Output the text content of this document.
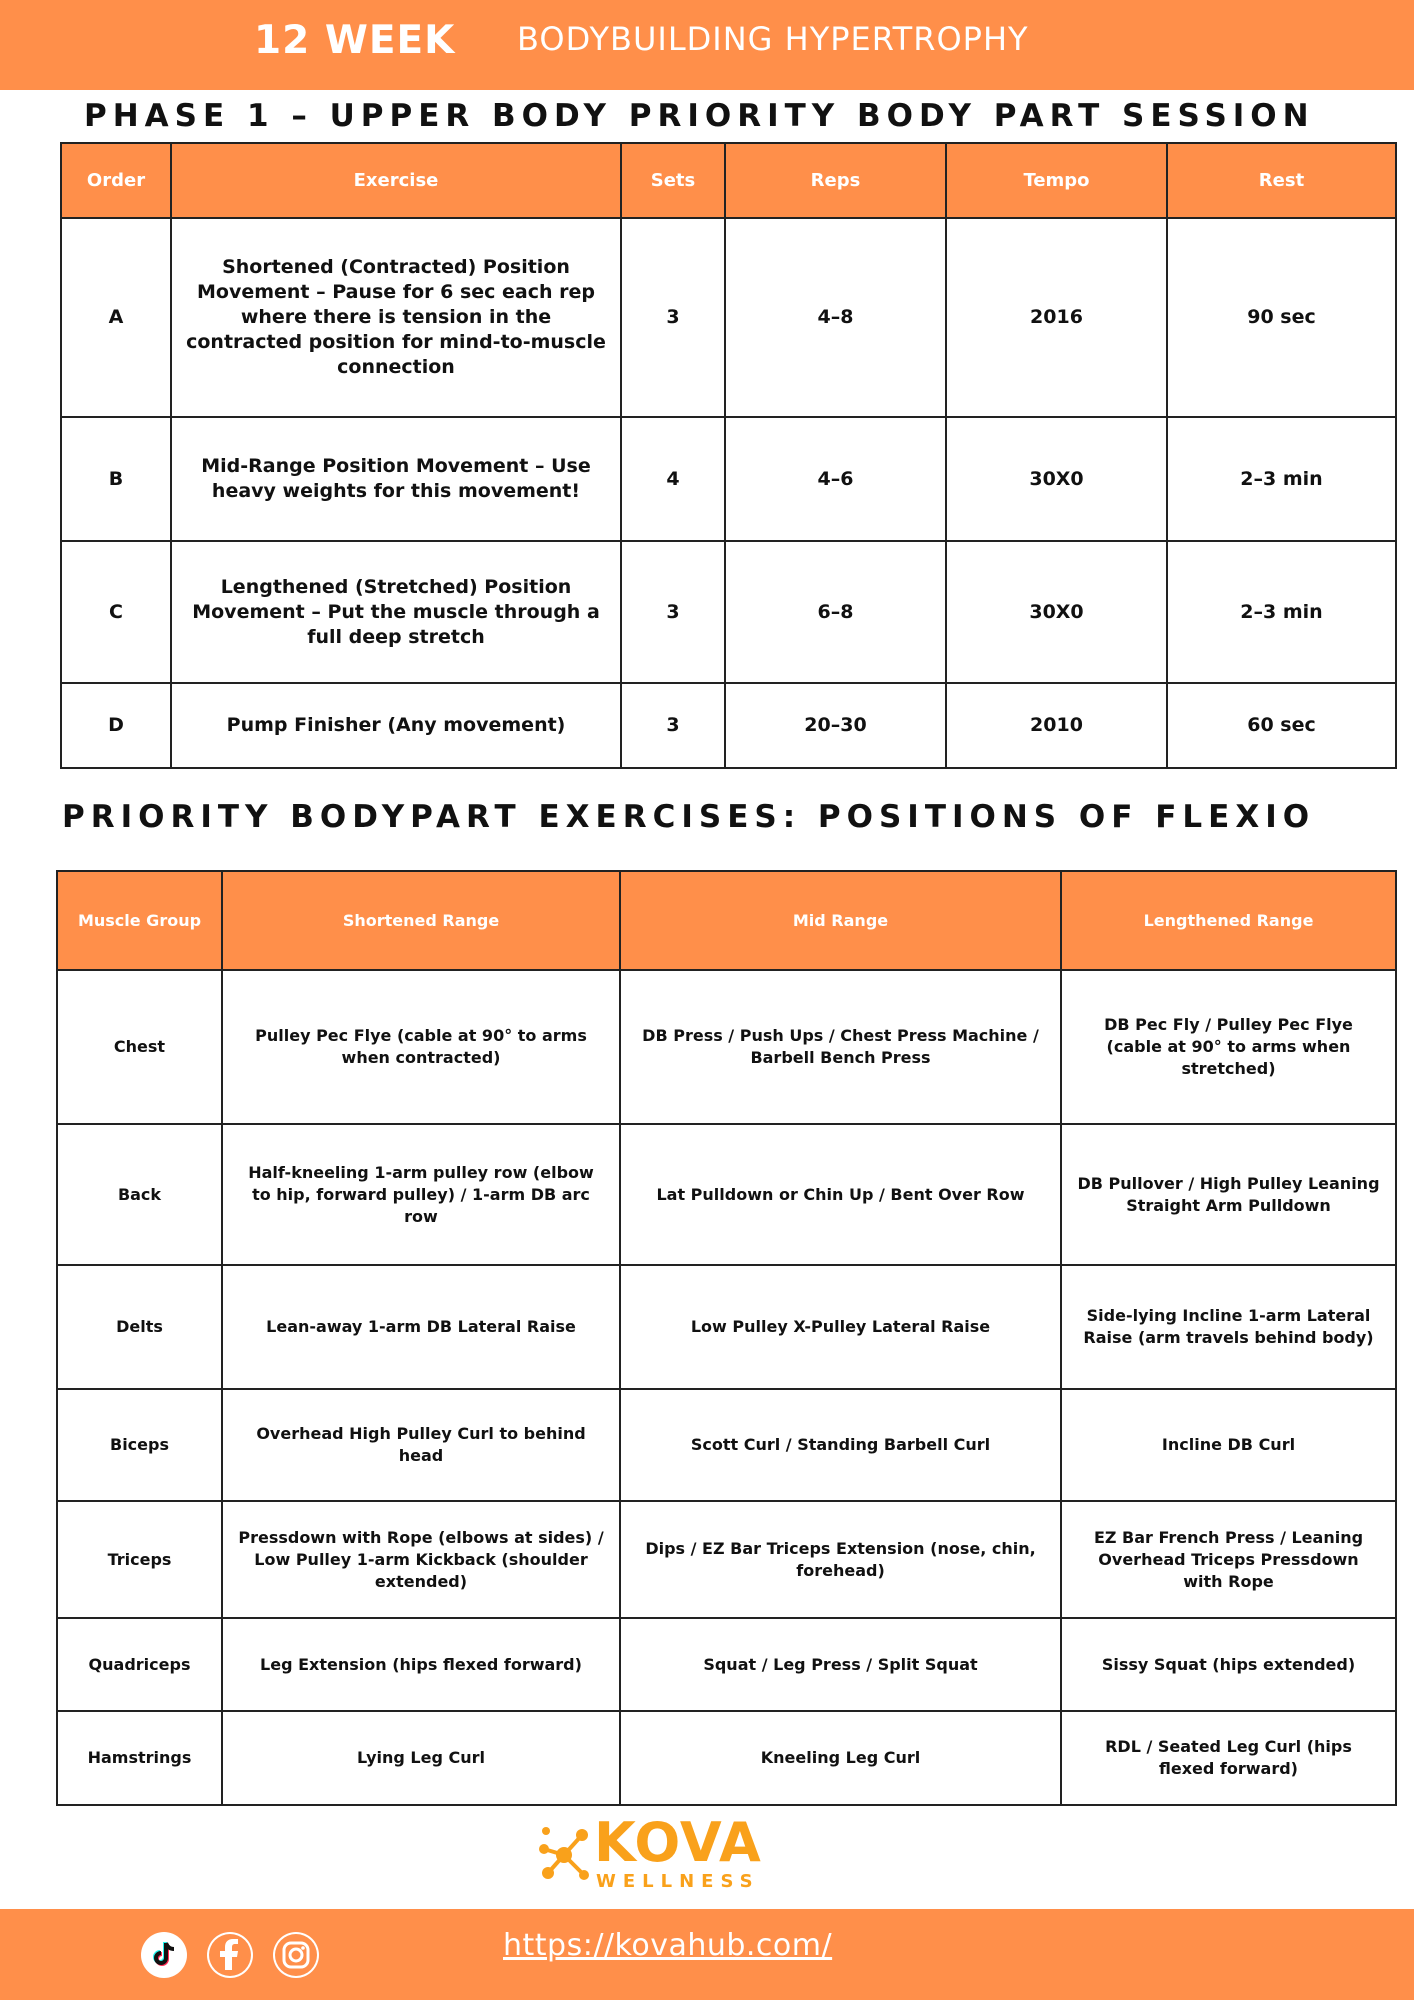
12 WEEK BODYBUILDING HYPERTROPHY
PHASE 1 – UPPER BODY PRIORITY BODY PART SESSION
Order	Exercise	Sets	Reps	Tempo	Rest
A	Shortened (Contracted) Position Movement – Pause for 6 sec each rep where there is tension in the contracted position for mind-to-muscle connection	3	4–8	2016	90 sec
B	Mid-Range Position Movement – Use heavy weights for this movement!	4	4–6	30X0	2–3 min
C	Lengthened (Stretched) Position Movement – Put the muscle through a full deep stretch	3	6–8	30X0	2–3 min
D	Pump Finisher (Any movement)	3	20–30	2010	60 sec
PRIORITY BODYPART EXERCISES: POSITIONS OF FLEXIO
Muscle Group	Shortened Range	Mid Range	Lengthened Range
Chest	Pulley Pec Flye (cable at 90° to arms when contracted)	DB Press / Push Ups / Chest Press Machine / Barbell Bench Press	DB Pec Fly / Pulley Pec Flye (cable at 90° to arms when stretched)
Back	Half-kneeling 1-arm pulley row (elbow to hip, forward pulley) / 1-arm DB arc row	Lat Pulldown or Chin Up / Bent Over Row	DB Pullover / High Pulley Leaning Straight Arm Pulldown
Delts	Lean-away 1-arm DB Lateral Raise	Low Pulley X-Pulley Lateral Raise	Side-lying Incline 1-arm Lateral Raise (arm travels behind body)
Biceps	Overhead High Pulley Curl to behind head	Scott Curl / Standing Barbell Curl	Incline DB Curl
Triceps	Pressdown with Rope (elbows at sides) / Low Pulley 1-arm Kickback (shoulder extended)	Dips / EZ Bar Triceps Extension (nose, chin, forehead)	EZ Bar French Press / Leaning Overhead Triceps Pressdown with Rope
Quadriceps	Leg Extension (hips flexed forward)	Squat / Leg Press / Split Squat	Sissy Squat (hips extended)
Hamstrings	Lying Leg Curl	Kneeling Leg Curl	RDL / Seated Leg Curl (hips flexed forward)
KOVA
WELLNESS
https://kovahub.com/
